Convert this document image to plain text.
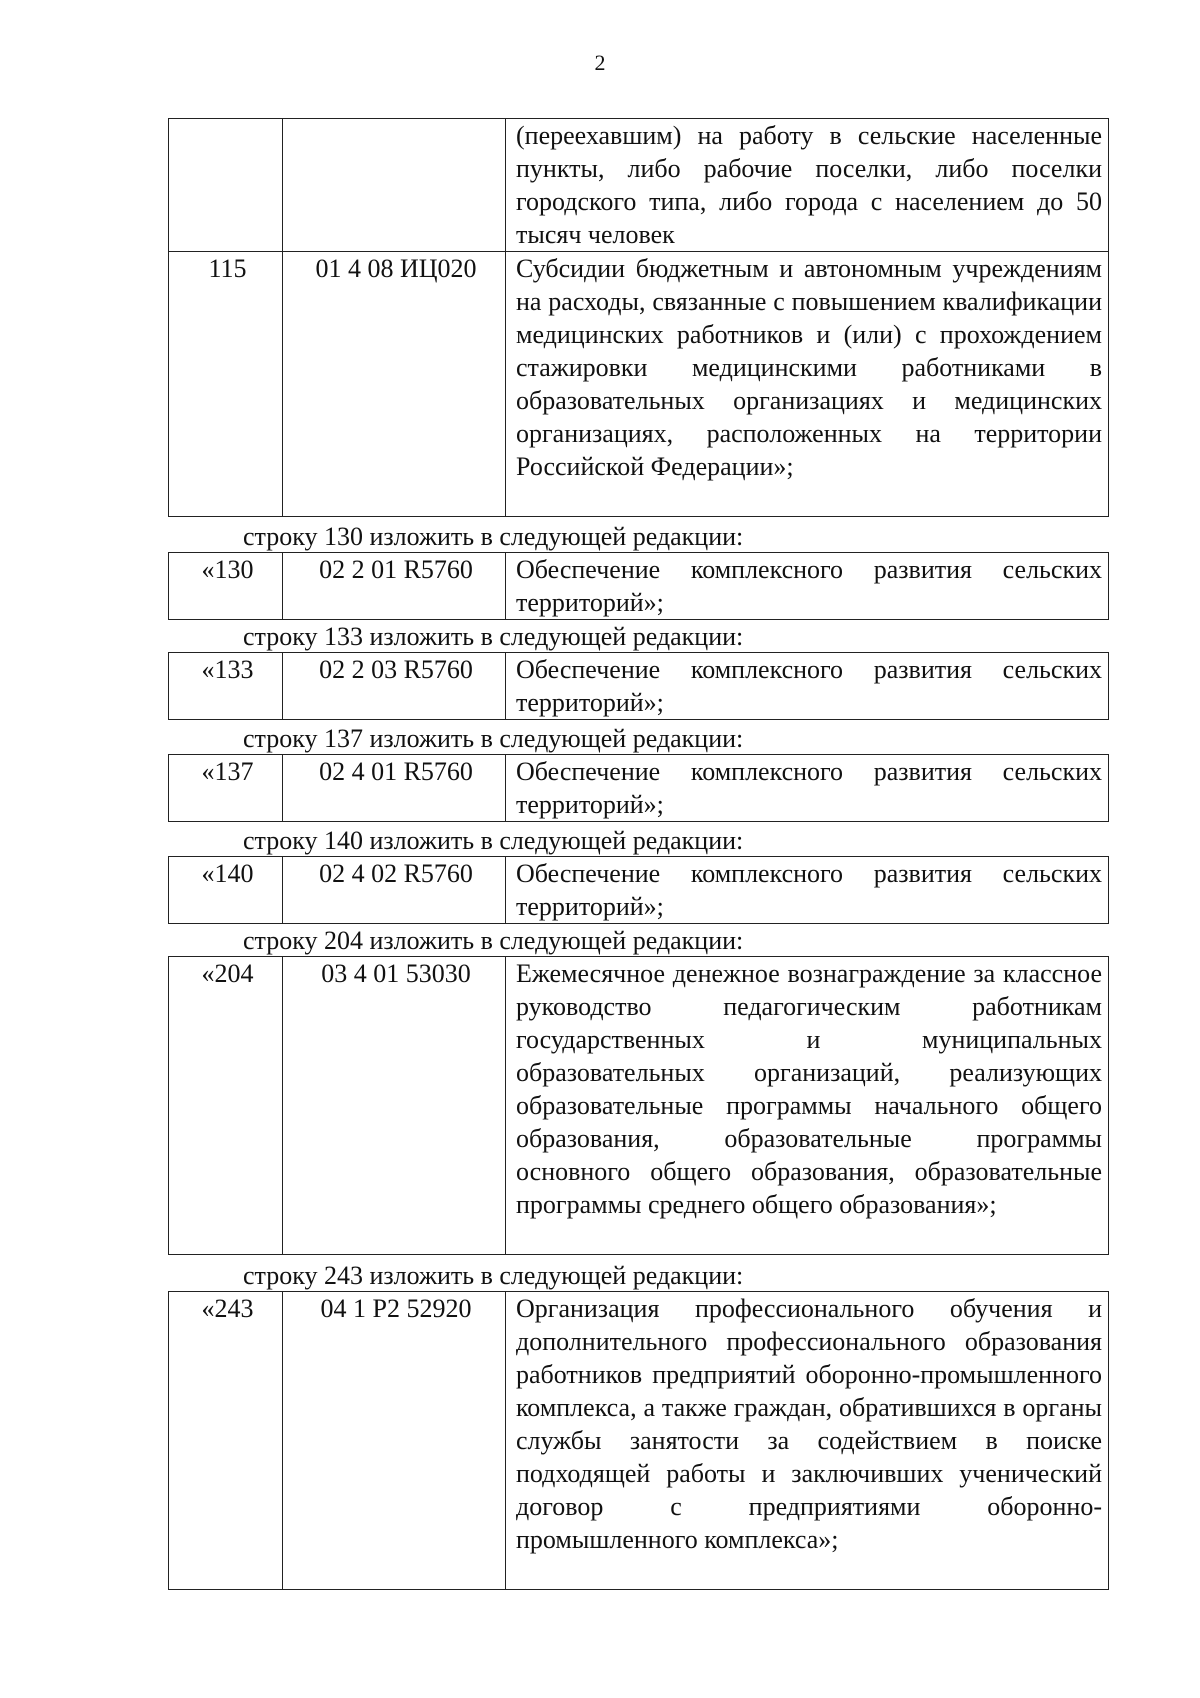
2
		(переехавшим) на работу в сельские населенные пункты, либо рабочие поселки, либо поселки городского типа, либо города с населением до 50 тысяч человек
115	01 4 08 ИЦ020	Субсидии бюджетным и автономным учреждениям на расходы, связанные с повышением квалификации медицинских работников и (или) с прохождением стажировки медицинскими работниками в образовательных организациях и медицинских организациях, расположенных на территории Российской Федерации»;
строку 130 изложить в следующей редакции:
«130	02 2 01 R5760	Обеспечение комплексного развития сельских территорий»;
строку 133 изложить в следующей редакции:
«133	02 2 03 R5760	Обеспечение комплексного развития сельских территорий»;
строку 137 изложить в следующей редакции:
«137	02 4 01 R5760	Обеспечение комплексного развития сельских территорий»;
строку 140 изложить в следующей редакции:
«140	02 4 02 R5760	Обеспечение комплексного развития сельских территорий»;
строку 204 изложить в следующей редакции:
«204	03 4 01 53030	Ежемесячное денежное вознаграждение за классное руководство педагогическим работникам государственных и муниципальных образовательных организаций, реализующих образовательные программы начального общего образования, образовательные программы основного общего образования, образовательные программы среднего общего образования»;
строку 243 изложить в следующей редакции:
«243	04 1 Р2 52920	Организация профессионального обучения и дополнительного профессионального образования работников предприятий оборонно-промышленного комплекса, а также граждан, обратившихся в органы службы занятости за содействием в поиске подходящей работы и заключивших ученический договор с предприятиями оборонно-промышленного комплекса»;
